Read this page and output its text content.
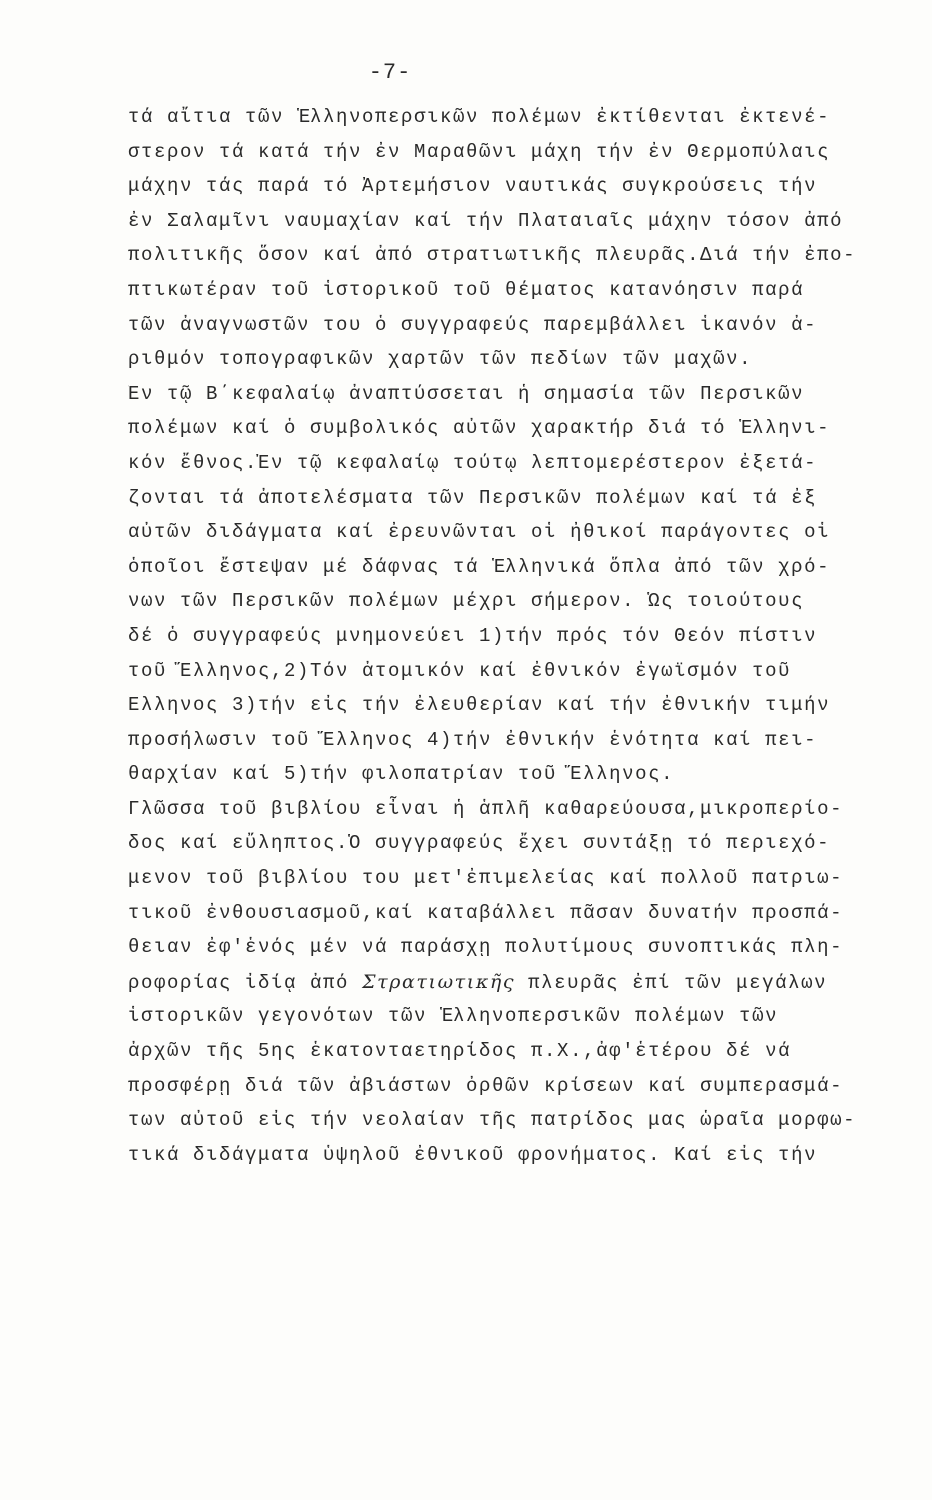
-7-
τά αἴτια τῶν Ἑλληνοπερσικῶν πολέμων ἐκτίθενται ἐκτενέ-
στερον τά κατά τήν ἐν Μαραθῶνι μάχη τήν ἐν Θερμοπύλαις
μάχην τάς παρά τό Ἀρτεμήσιον ναυτικάς συγκρούσεις τήν
ἐν Σαλαμῖνι ναυμαχίαν καί τήν Πλαταιαῖς μάχην τόσον ἀπό
πολιτικῆς ὅσον καί ἀπό στρατιωτικῆς πλευρᾶς.Διά τήν ἐπο-
πτικωτέραν τοῦ ἱστορικοῦ τοῦ θέματος κατανόησιν παρά
τῶν ἀναγνωστῶν του ὁ συγγραφεύς παρεμβάλλει ἱκανόν ἀ-
ριθμόν τοπογραφικῶν χαρτῶν τῶν πεδίων τῶν μαχῶν.
Ἐν τῷ Β΄κεφαλαίῳ ἀναπτύσσεται ἡ σημασία τῶν Περσικῶν
πολέμων καί ὁ συμβολικός αὐτῶν χαρακτήρ διά τό Ἑλληνι-
κόν ἔθνος.Ἐν τῷ κεφαλαίῳ τούτῳ λεπτομερέστερον ἐξετά-
ζονται τά ἀποτελέσματα τῶν Περσικῶν πολέμων καί τά ἐξ
αὐτῶν διδάγματα καί ἐρευνῶνται οἱ ἠθικοί παράγοντες οἱ
ὁποῖοι ἔστεψαν μέ δάφνας τά Ἑλληνικά ὅπλα ἀπό τῶν χρό-
νων τῶν Περσικῶν πολέμων μέχρι σήμερον. Ὡς τοιούτους
δέ ὁ συγγραφεύς μνημονεύει 1)τήν πρός τόν Θεόν πίστιν
τοῦ Ἕλληνος,2)Τόν ἀτομικόν καί ἐθνικόν ἐγωϊσμόν τοῦ
Ἕλληνος 3)τήν εἰς τήν ἐλευθερίαν καί τήν ἐθνικήν τιμήν
προσήλωσιν τοῦ Ἕλληνος 4)τήν ἐθνικήν ἑνότητα καί πει-
θαρχίαν καί 5)τήν φιλοπατρίαν τοῦ Ἕλληνος.
Γλῶσσα τοῦ βιβλίου εἶναι ἡ ἁπλῆ καθαρεύουσα,μικροπερίο-
δος καί εὔληπτος.Ὁ συγγραφεύς ἔχει συντάξῃ τό περιεχό-
μενον τοῦ βιβλίου του μετ'ἐπιμελείας καί πολλοῦ πατριω-
τικοῦ ἐνθουσιασμοῦ,καί καταβάλλει πᾶσαν δυνατήν προσπά-
θειαν ἐφ'ἑνός μέν νά παράσχῃ πολυτίμους συνοπτικάς πλη-
ροφορίας ἰδίᾳ ἀπό Στρατιωτικῆς πλευρᾶς ἐπί τῶν μεγάλων
ἱστορικῶν γεγονότων τῶν Ἑλληνοπερσικῶν πολέμων τῶν
ἀρχῶν τῆς 5ης ἑκατονταετηρίδος π.Χ.,ἀφ'ἑτέρου δέ νά
προσφέρῃ διά τῶν ἀβιάστων ὀρθῶν κρίσεων καί συμπερασμά-
των αὐτοῦ εἰς τήν νεολαίαν τῆς πατρίδος μας ὡραῖα μορφω-
τικά διδάγματα ὑψηλοῦ ἐθνικοῦ φρονήματος. Καί εἰς τήν
